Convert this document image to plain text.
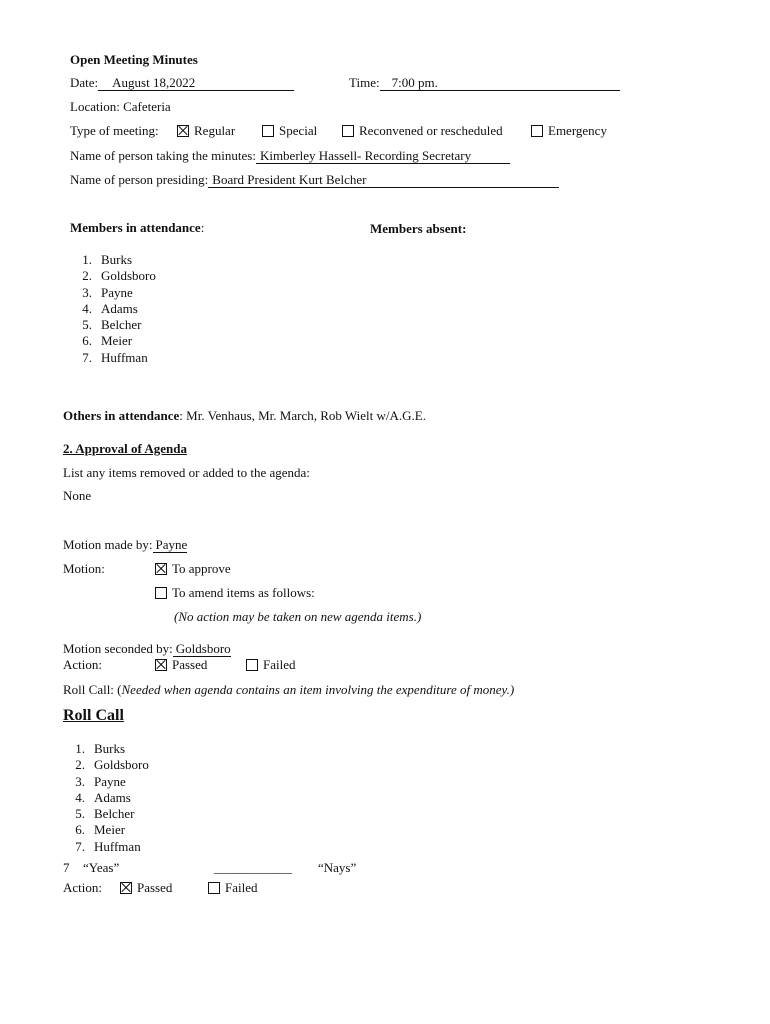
Open Meeting Minutes
Date: August 18,2022	Time: 7:00 pm.
Location: Cafeteria
Type of meeting:	Regular	Special	Reconvened or rescheduled	Emergency
Name of person taking the minutes: Kimberley Hassell- Recording Secretary
Name of person presiding: Board President Kurt Belcher
Members in attendance:	Members absent:
1. Burks
2. Goldsboro
3. Payne
4. Adams
5. Belcher
6. Meier
7. Huffman
Others in attendance: Mr. Venhaus, Mr. March, Rob Wielt w/A.G.E.
2. Approval of Agenda
List any items removed or added to the agenda:
None
Motion made by: Payne
Motion:	To approve
To amend items as follows:
(No action may be taken on new agenda items.)
Motion seconded by: Goldsboro
Action:	Passed	Failed
Roll Call: (Needed when agenda contains an item involving the expenditure of money.)
Roll Call
1. Burks
2. Goldsboro
3. Payne
4. Adams
5. Belcher
6. Meier
7. Huffman
7 “Yeas”	____________ “Nays”
Action:	Passed	Failed
